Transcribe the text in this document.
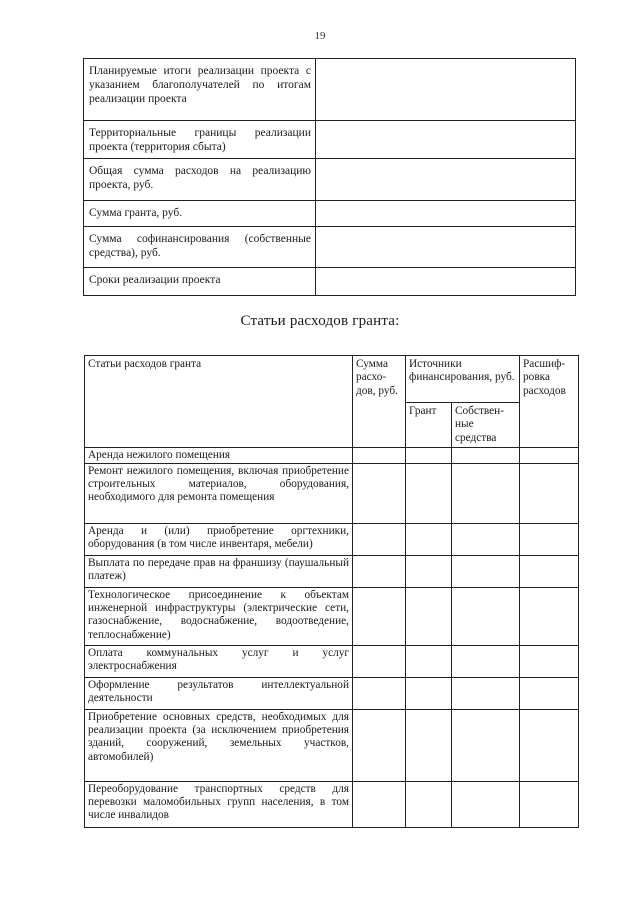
19
Планируемые итоги реализации проекта с указанием благополучателей по итогам реализации проекта	
Территориальные границы реализации проекта (территория сбыта)	
Общая сумма расходов на реализацию проекта, руб.	
Сумма гранта, руб.	
Сумма софинансирования (собственные средства), руб.	
Сроки реализации проекта	
Статьи расходов гранта:
Статьи расходов гранта	Сумма расхо-дов, руб.	Источники финансирования, руб.		Расшиф-ровка расходов
		Грант	Собствен-ные средства	
Аренда нежилого помещения				
Ремонт нежилого помещения, включая приобретение строительных материалов, оборудования, необходимого для ремонта помещения				
Аренда и (или) приобретение оргтехники, оборудования (в том числе инвентаря, мебели)				
Выплата по передаче прав на франшизу (паушальный платеж)				
Технологическое присоединение к объектам инженерной инфраструктуры (электрические сети, газоснабжение, водоснабжение, водоотведение, теплоснабжение)				
Оплата коммунальных услуг и услуг электроснабжения				
Оформление результатов интеллектуальной деятельности				
Приобретение основных средств, необходимых для реализации проекта (за исключением приобретения зданий, сооружений, земельных участков, автомобилей)				
Переоборудование транспортных средств для перевозки маломобильных групп населения, в том числе инвалидов				
